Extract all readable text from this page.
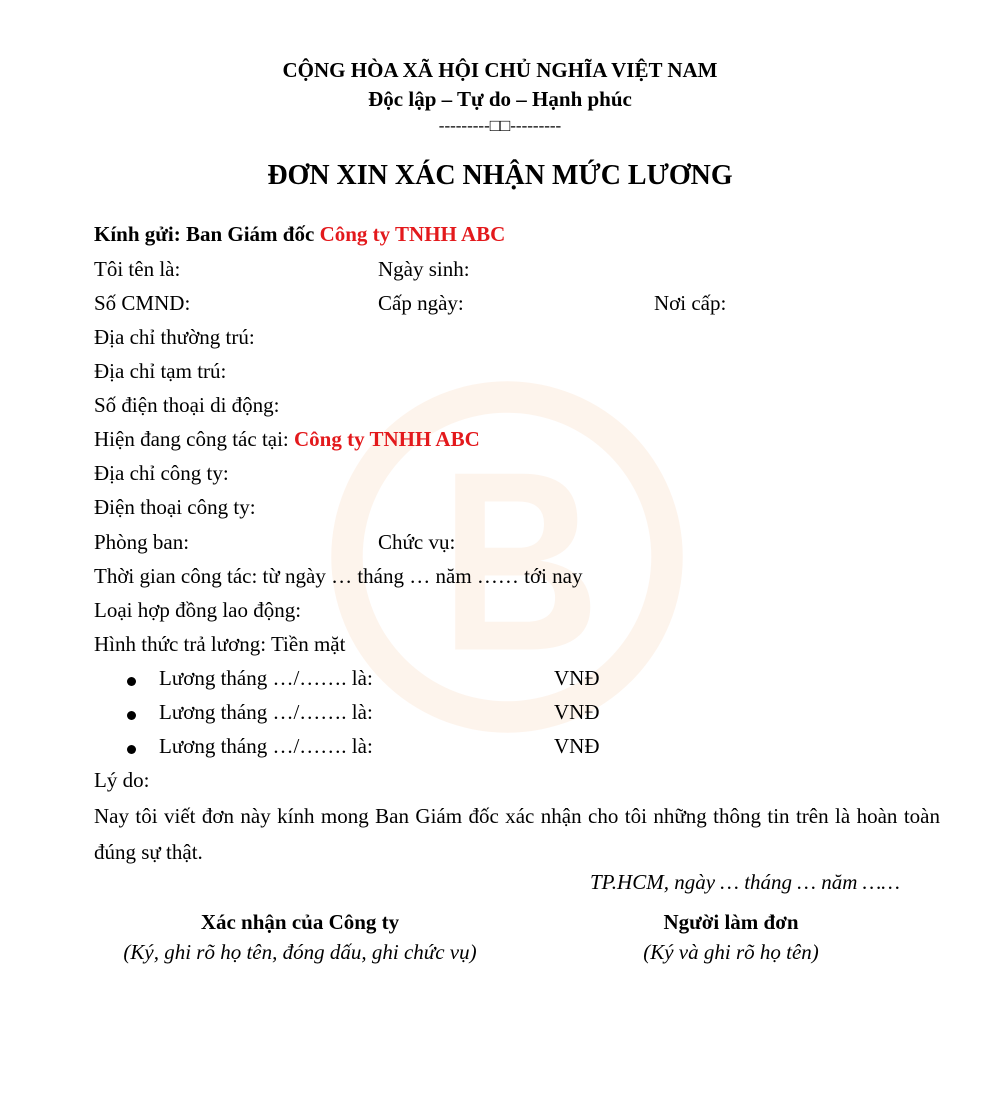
CỘNG HÒA XÃ HỘI CHỦ NGHĨA VIỆT NAM
Độc lập – Tự do – Hạnh phúc
---------□□---------
ĐƠN XIN XÁC NHẬN MỨC LƯƠNG
Kính gửi: Ban Giám đốc Công ty TNHH ABC
Tôi tên là:	Ngày sinh:
Số CMND:	Cấp ngày:	Nơi cấp:
Địa chỉ thường trú:
Địa chỉ tạm trú:
Số điện thoại di động:
Hiện đang công tác tại: Công ty TNHH ABC
Địa chỉ công ty:
Điện thoại công ty:
Phòng ban:	Chức vụ:
Thời gian công tác: từ ngày … tháng … năm …… tới nay
Loại hợp đồng lao động:
Hình thức trả lương: Tiền mặt
Lương tháng …/……. là:	VNĐ
Lương tháng …/……. là:	VNĐ
Lương tháng …/……. là:	VNĐ
Lý do:
Nay tôi viết đơn này kính mong Ban Giám đốc xác nhận cho tôi những thông tin trên là hoàn toàn đúng sự thật.
TP.HCM, ngày … tháng … năm ……
Xác nhận của Công ty
(Ký, ghi rõ họ tên, đóng dấu, ghi chức vụ)
Người làm đơn
(Ký và ghi rõ họ tên)
